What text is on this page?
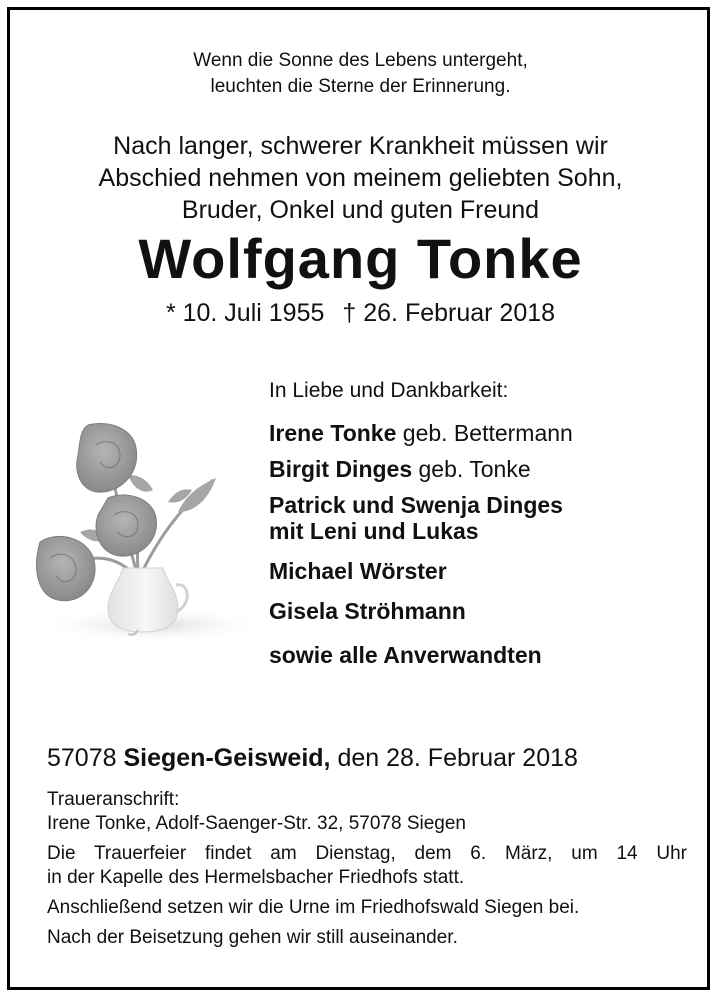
Wenn die Sonne des Lebens untergeht,
leuchten die Sterne der Erinnerung.
Nach langer, schwerer Krankheit müssen wir
Abschied nehmen von meinem geliebten Sohn,
Bruder, Onkel und guten Freund
Wolfgang Tonke
* 10. Juli 1955 † 26. Februar 2018
In Liebe und Dankbarkeit:
Irene Tonke geb. Bettermann
Birgit Dinges geb. Tonke
Patrick und Swenja Dinges
mit Leni und Lukas
Michael Wörster
Gisela Ströhmann
sowie alle Anverwandten
57078 Siegen-Geisweid, den 28. Februar 2018

Traueranschrift:

Irene Tonke, Adolf-Saenger-Str. 32, 57078 Siegen

Die Trauerfeier findet am Dienstag, dem 6. März, um 14 Uhr

in der Kapelle des Hermelsbacher Friedhofs statt.

Anschließend setzen wir die Urne im Friedhofswald Siegen bei.

Nach der Beisetzung gehen wir still auseinander.
